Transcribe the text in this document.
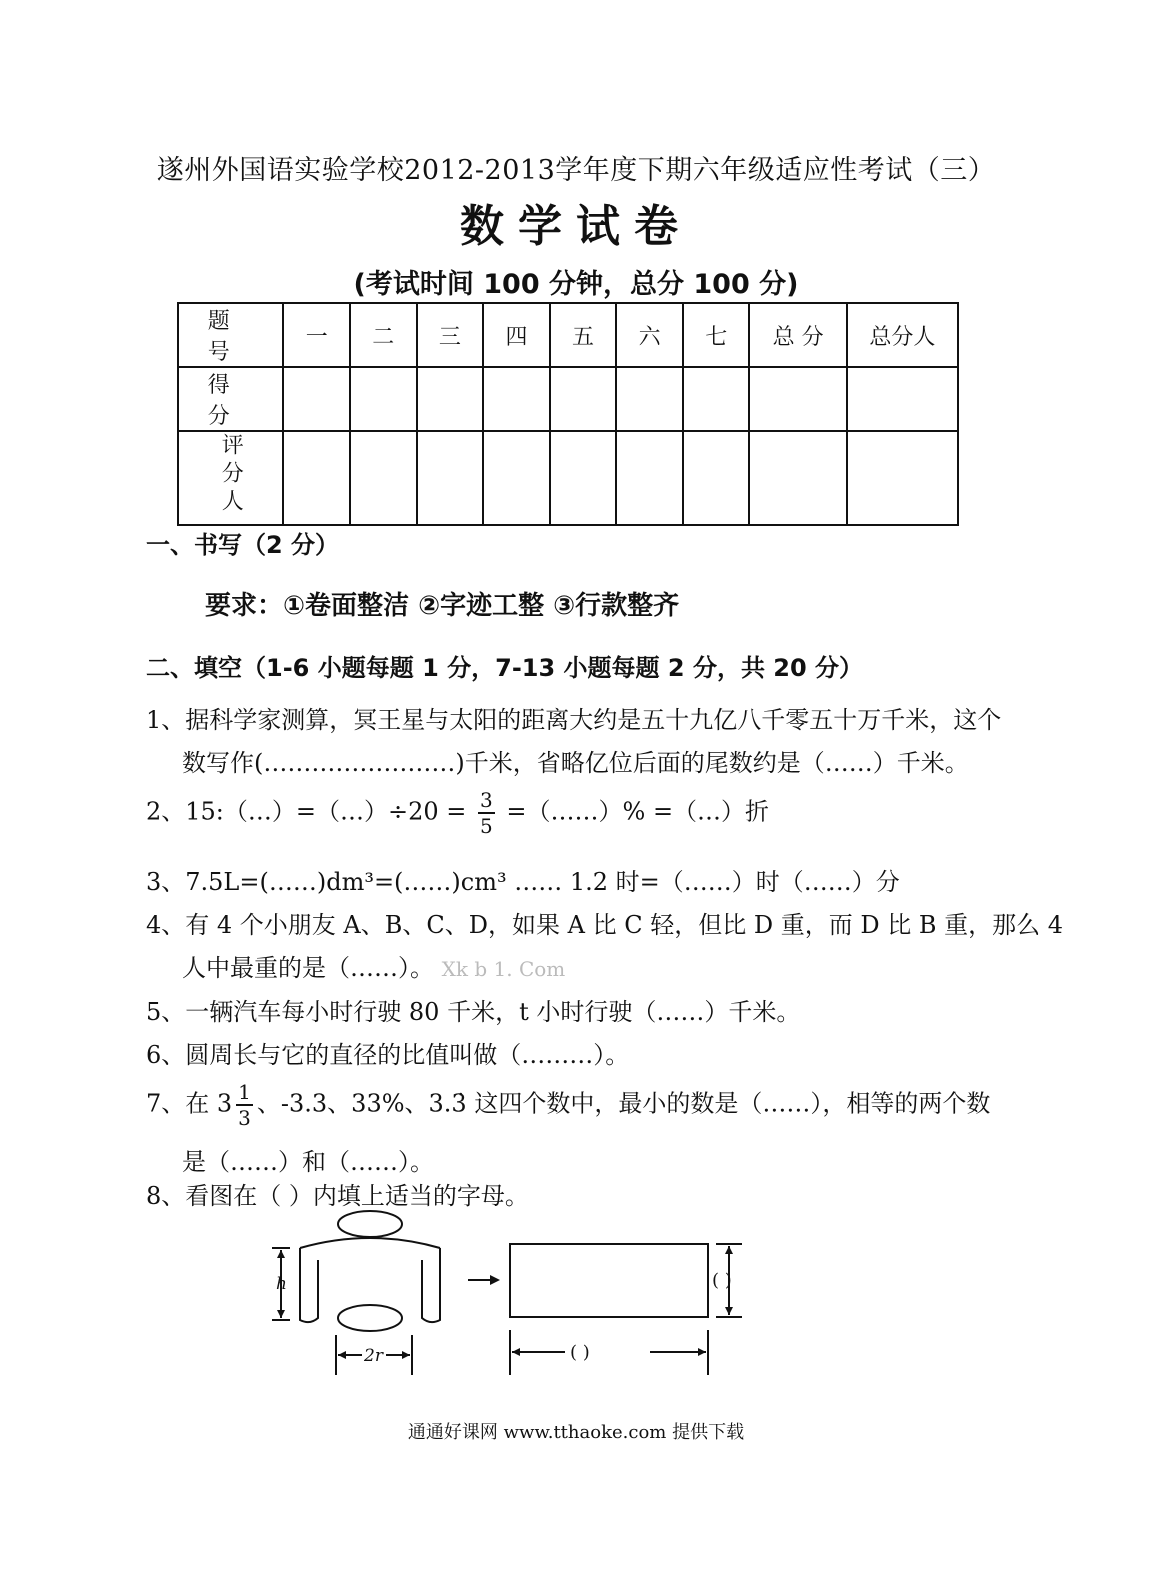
遂州外国语实验学校2012-2013学年度下期六年级适应性考试（三）
数学试卷
(考试时间 100 分钟，总分 100 分)
题 号	一	二	三	四	五	六	七	总 分	总分人
得 分									
评分人									
一、书写（2 分）
要求：①卷面整洁 ②字迹工整 ③行款整齐
二、填空（1-6 小题每题 1 分，7-13 小题每题 2 分，共 20 分）
1、据科学家测算，冥王星与太阳的距离大约是五十九亿八千零五十万千米，这个
数写作(……………………)千米，省略亿位后面的尾数约是（……）千米。
2、15:（…）=（…）÷20 = $\frac{3}{5}$ =（……）% =（…）折
3、7.5L=(……)dm³=(……)cm³ …… 1.2 时=（……）时（……）分
4、有 4 个小朋友 A、B、C、D，如果 A 比 C 轻，但比 D 重，而 D 比 B 重，那么 4
人中最重的是（……）。 Xk b 1. Com
5、一辆汽车每小时行驶 80 千米，t 小时行驶（……）千米。
6、圆周长与它的直径的比值叫做（………）。
7、在 $3 \frac{1}{3}$ 、-3.3、33%、3.3̇ 这四个数中，最小的数是（……），相等的两个数
是（……）和（……）。
8、看图在（ ）内填上适当的字母。
h
2r
( )
( )
通通好课网 www.tthaoke.com 提供下载
